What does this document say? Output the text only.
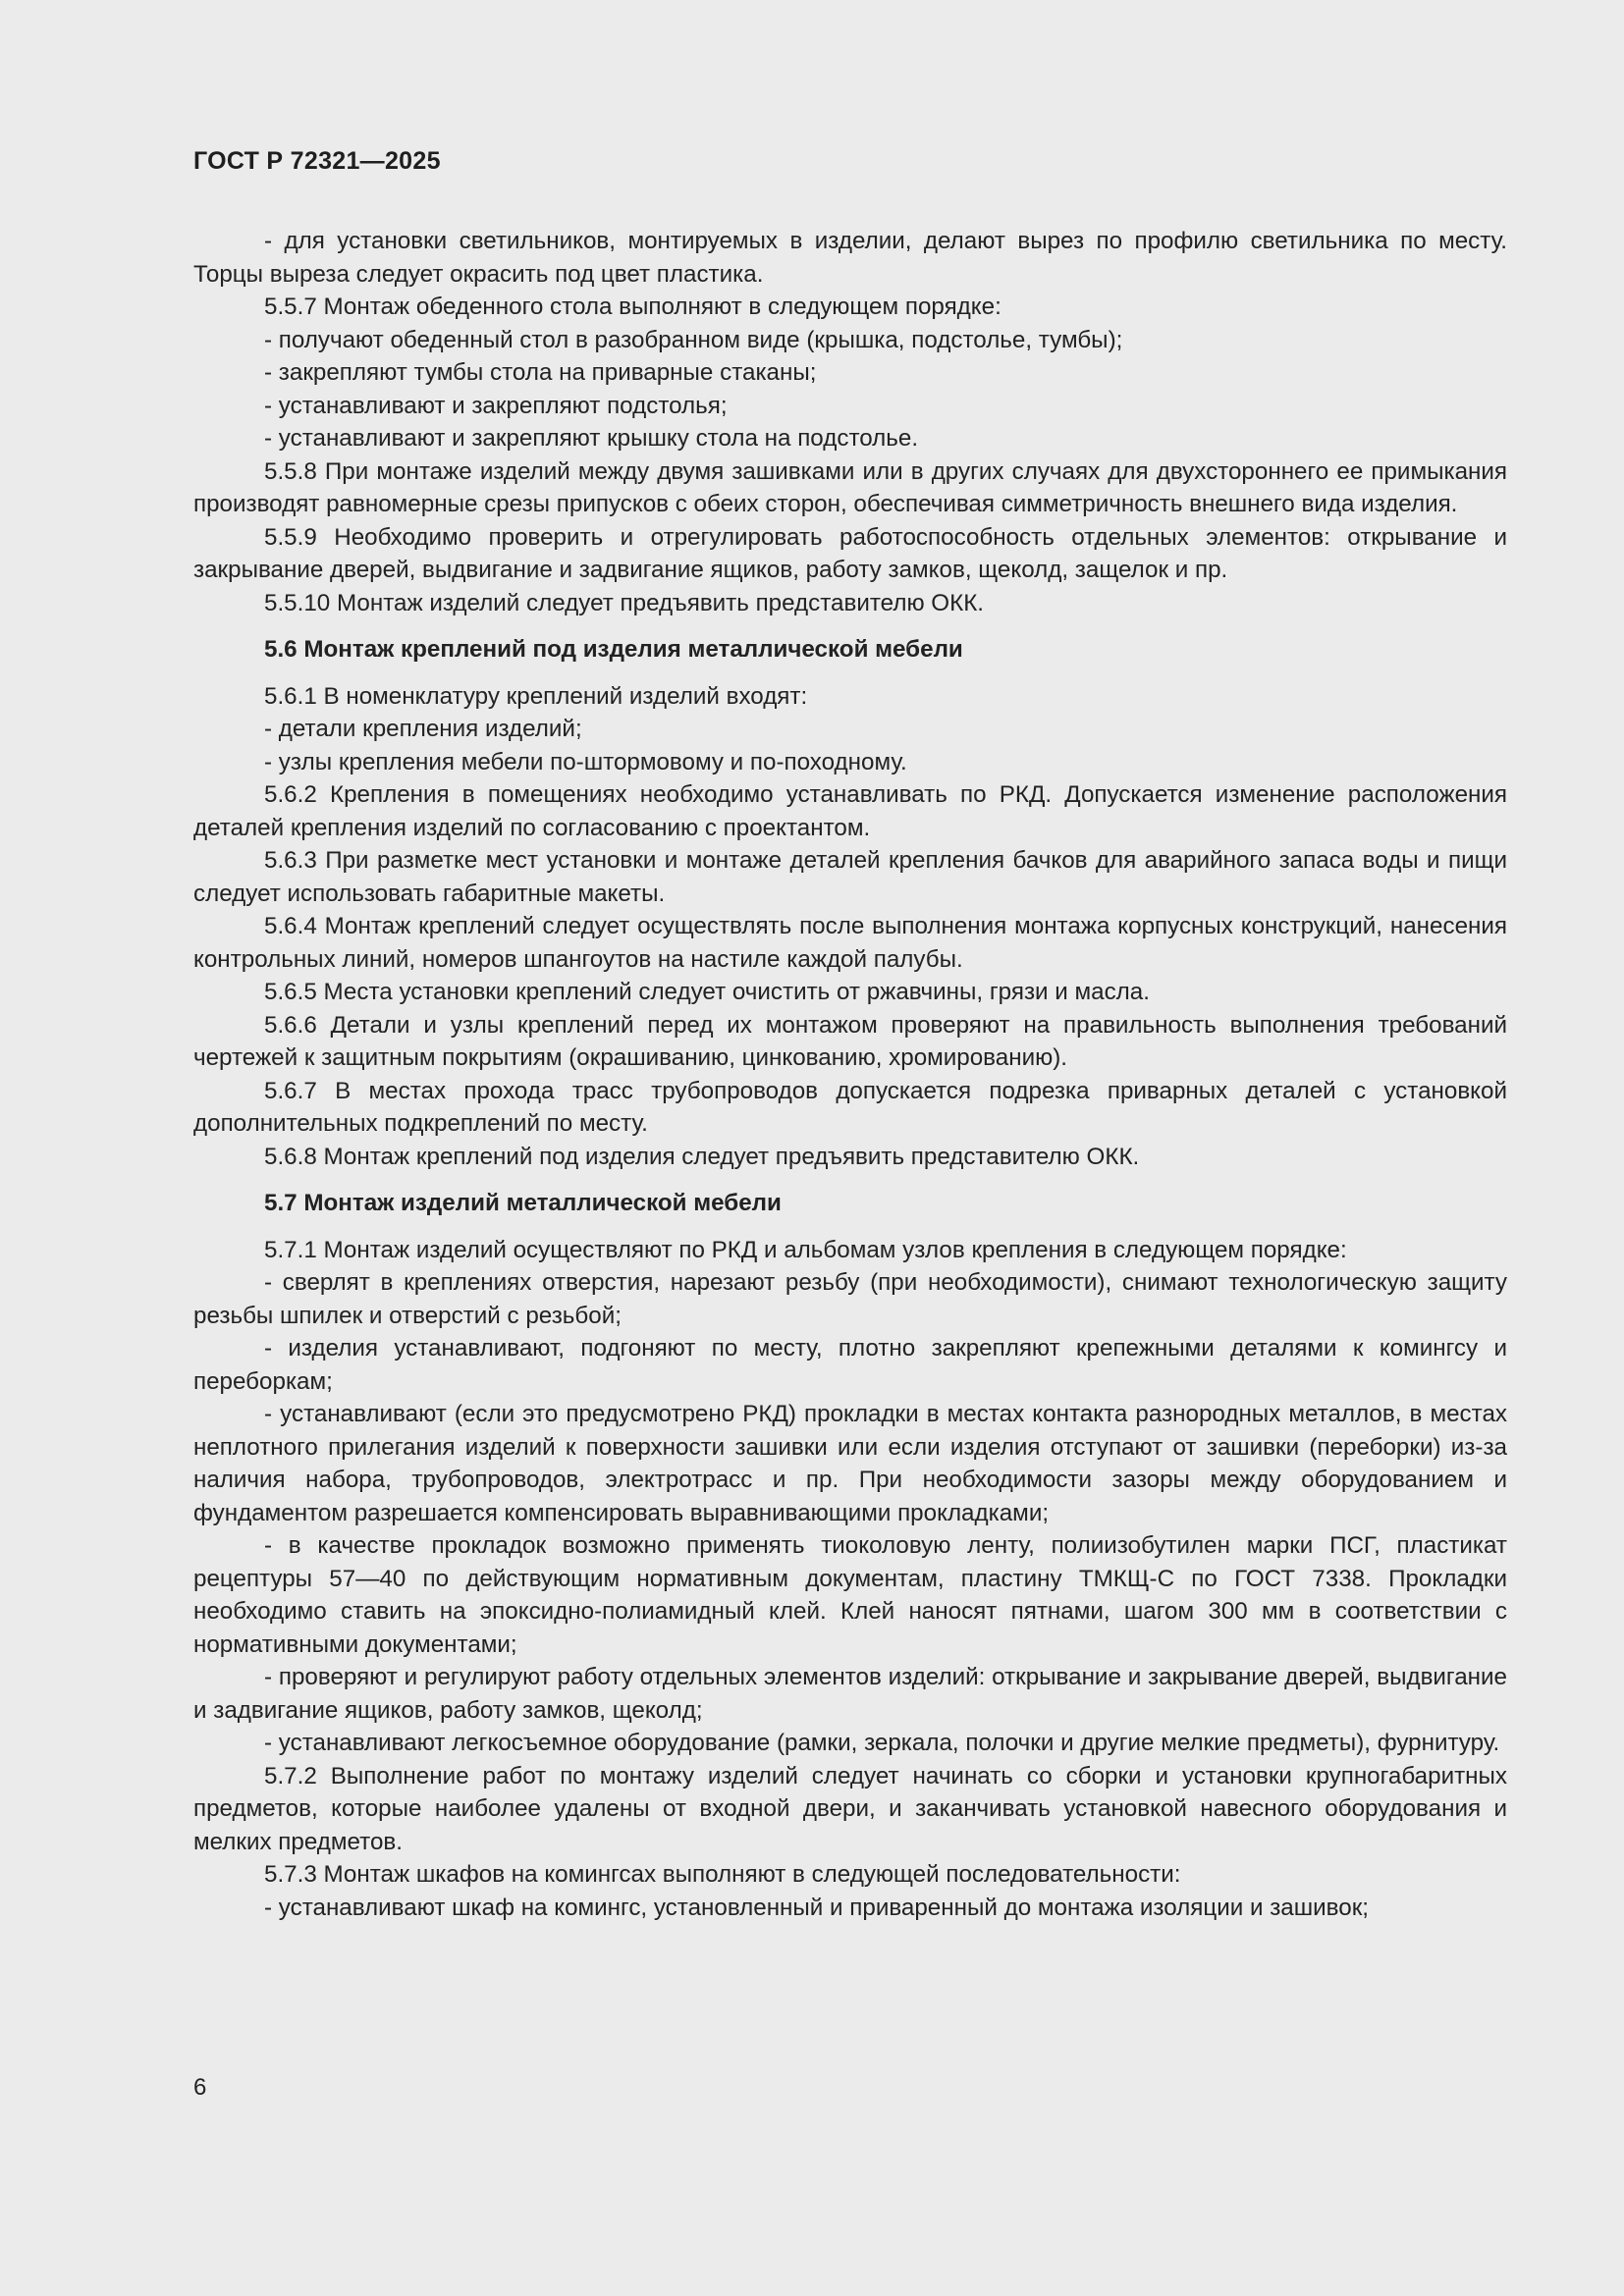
ГОСТ Р 72321—2025

- для установки светильников, монтируемых в изделии, делают вырез по профилю светильника по месту. Торцы выреза следует окрасить под цвет пластика.

5.5.7 Монтаж обеденного стола выполняют в следующем порядке:

- получают обеденный стол в разобранном виде (крышка, подстолье, тумбы);

- закрепляют тумбы стола на приварные стаканы;

- устанавливают и закрепляют подстолья;

- устанавливают и закрепляют крышку стола на подстолье.

5.5.8 При монтаже изделий между двумя зашивками или в других случаях для двухстороннего ее примыкания производят равномерные срезы припусков с обеих сторон, обеспечивая симметричность внешнего вида изделия.

5.5.9 Необходимо проверить и отрегулировать работоспособность отдельных элементов: открывание и закрывание дверей, выдвигание и задвигание ящиков, работу замков, щеколд, защелок и пр.

5.5.10 Монтаж изделий следует предъявить представителю ОКК.

5.6 Монтаж креплений под изделия металлической мебели

5.6.1 В номенклатуру креплений изделий входят:

- детали крепления изделий;

- узлы крепления мебели по-штормовому и по-походному.

5.6.2 Крепления в помещениях необходимо устанавливать по РКД. Допускается изменение расположения деталей крепления изделий по согласованию с проектантом.

5.6.3 При разметке мест установки и монтаже деталей крепления бачков для аварийного запаса воды и пищи следует использовать габаритные макеты.

5.6.4 Монтаж креплений следует осуществлять после выполнения монтажа корпусных конструкций, нанесения контрольных линий, номеров шпангоутов на настиле каждой палубы.

5.6.5 Места установки креплений следует очистить от ржавчины, грязи и масла.

5.6.6 Детали и узлы креплений перед их монтажом проверяют на правильность выполнения требований чертежей к защитным покрытиям (окрашиванию, цинкованию, хромированию).

5.6.7 В местах прохода трасс трубопроводов допускается подрезка приварных деталей с установкой дополнительных подкреплений по месту.

5.6.8 Монтаж креплений под изделия следует предъявить представителю ОКК.

5.7 Монтаж изделий металлической мебели

5.7.1 Монтаж изделий осуществляют по РКД и альбомам узлов крепления в следующем порядке:

- сверлят в креплениях отверстия, нарезают резьбу (при необходимости), снимают технологическую защиту резьбы шпилек и отверстий с резьбой;

- изделия устанавливают, подгоняют по месту, плотно закрепляют крепежными деталями к комингсу и переборкам;

- устанавливают (если это предусмотрено РКД) прокладки в местах контакта разнородных металлов, в местах неплотного прилегания изделий к поверхности зашивки или если изделия отступают от зашивки (переборки) из-за наличия набора, трубопроводов, электротрасс и пр. При необходимости зазоры между оборудованием и фундаментом разрешается компенсировать выравнивающими прокладками;

- в качестве прокладок возможно применять тиоколовую ленту, полиизобутилен марки ПСГ, пластикат рецептуры 57—40 по действующим нормативным документам, пластину ТМКЩ-С по ГОСТ 7338. Прокладки необходимо ставить на эпоксидно-полиамидный клей. Клей наносят пятнами, шагом 300 мм в соответствии с нормативными документами;

- проверяют и регулируют работу отдельных элементов изделий: открывание и закрывание дверей, выдвигание и задвигание ящиков, работу замков, щеколд;

- устанавливают легкосъемное оборудование (рамки, зеркала, полочки и другие мелкие предметы), фурнитуру.

5.7.2 Выполнение работ по монтажу изделий следует начинать со сборки и установки крупногабаритных предметов, которые наиболее удалены от входной двери, и заканчивать установкой навесного оборудования и мелких предметов.

5.7.3 Монтаж шкафов на комингсах выполняют в следующей последовательности:

- устанавливают шкаф на комингс, установленный и приваренный до монтажа изоляции и зашивок;

6
